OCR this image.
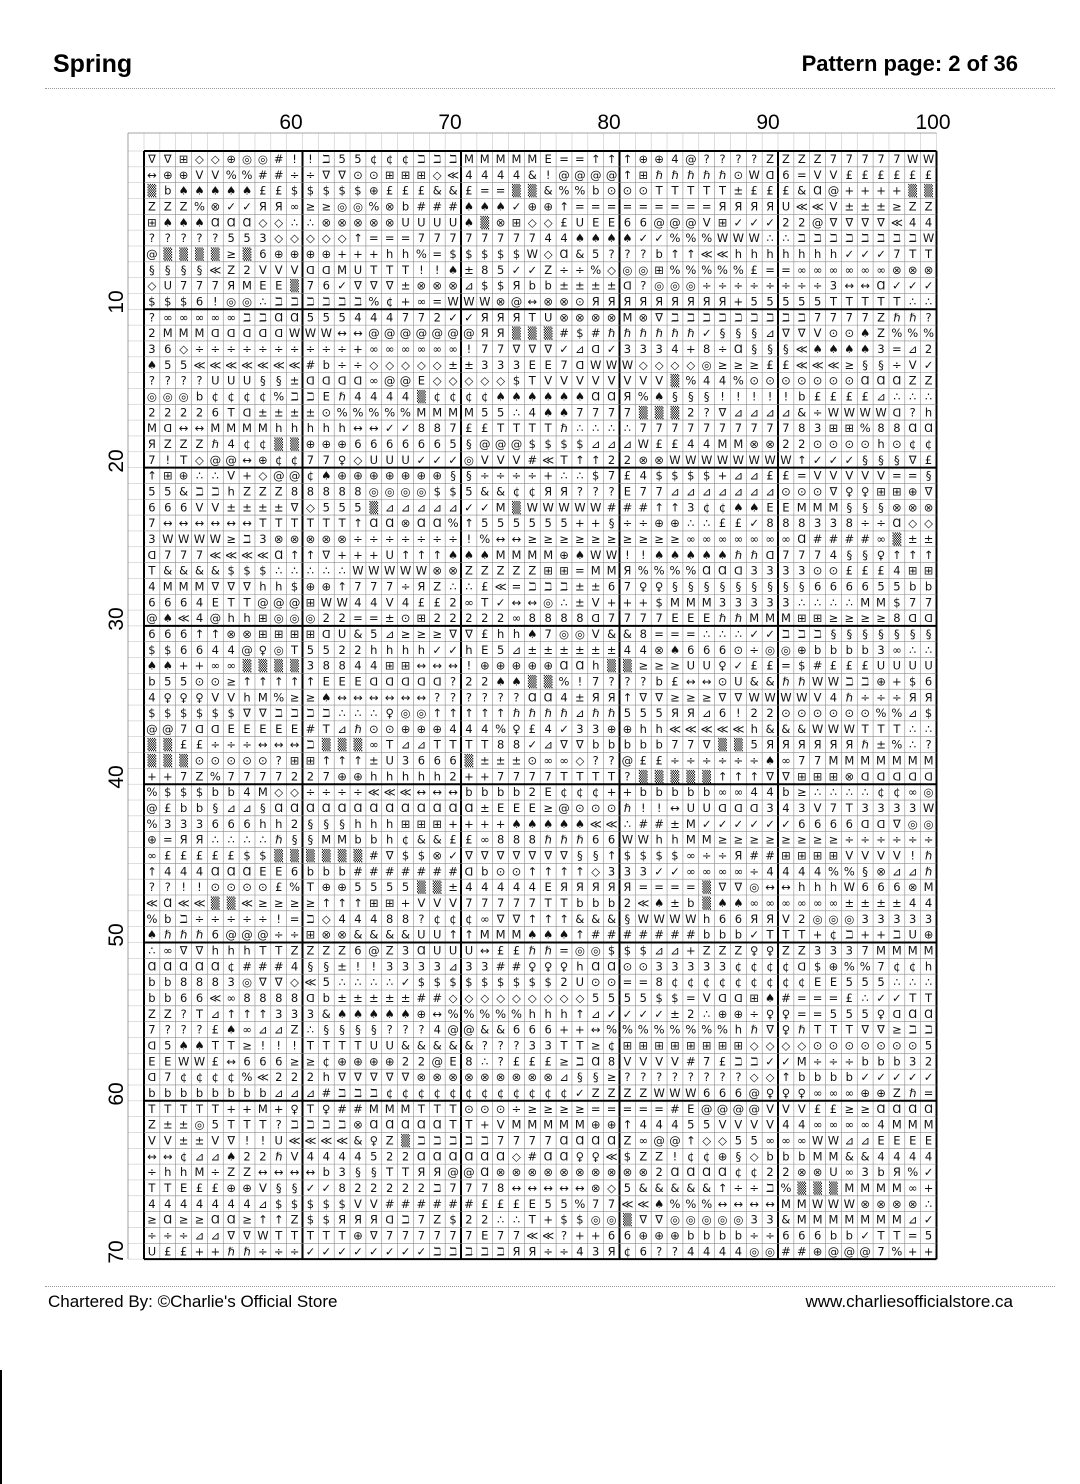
Spring	Pattern page: 2 of 36
60	70	80	90	100
10
20
30
40
50
60
70
∇ ∇ ⊞ ◇ ◇ ⊕ ◎ ◎ # ! ! ℶ 5 5 ¢ ¢ ¢ ℶ ℶ ℶ M M M M M E = = ↑ ↑ ↑ ⊕ ⊕ 4 @ ? ? ? ? Z Z Z Z 7 7 7 7 7 W W
↔ ⊕ ⊕ V V % % # # ÷ ÷ ∇ ∇ ⊙ ⊙ ⊞ ⊞ ⊞ ◇ ≪ 4 4 4 4 & ! @ @ @ @ ↑ ⊞ ℏ ℏ ℏ ℏ ℏ ⊙ W ᗡ 6 = V V £ £ £ £ £ £
▒ b ♠ ♠ ♠ ♠ ♠ £ £ $ $ $ $ $ ⊕ £ £ £ & & £ = = ▒ ▒ & % % b ⊙ ⊙ ⊙ T T T T T ± £ £ £ & Ɑ @ + + + + ▒ ▒
Z Z Z % ⊗ ✓ ✓ Я Я ∞ ≥ ≥ ◎ ◎ % ⊗ b # # # ♠ ♠ ♠ ✓ ⊕ ⊕ ↑ = = = = = = = = = Я Я Я Я U ≪ ≪ V ± ± ± ≥ Z Z
⊞ ♠ ♠ ♠ Ɑ Ɑ Ɑ ◇ ◇ ∴ ∴ ⊗ ⊗ ⊗ ⊗ ⊗ U U U U ♠ ▒ ⊗ ⊞ ◇ ◇ £ U E E 6 6 @ @ @ V ⊞ ✓ ✓ ✓ 2 2 @ ∇ ∇ ∇ ∇ ≪ 4 4
? ? ? ? ? 5 5 3 ◇ ◇ ◇ ◇ ◇ ↑ = = = 7 7 7 7 7 7 7 7 4 4 ♠ ♠ ♠ ♠ ✓ ✓ % % % W W W ∴ ∴ ℶ ℶ ℶ ℶ ℶ ℶ ℶ ℶ W
@ ▒ ▒ ▒ ▒ ≥ ▒ 6 ⊕ ⊕ ⊕ ⊕ + + + h h % = $ $ $ $ $ W ◇ Ɑ & 5 ? ? ? b ↑ ↑ ≪ ≪ h h h h h h h ✓ ✓ ✓ 7 T T
§ § § § ≪ Z 2 V V V ᗡ ᗡ M U T T T ! ! ♠ ± 8 5 ✓ ✓ Z ÷ ÷ % ◇ ◎ ◎ ⊞ % % % % % £ = = ∞ ∞ ∞ ∞ ∞ ∞ ⊗ ⊗ ⊗
◇ U 7 7 7 Я M E E ▒ 7 6 ✓ ∇ ∇ ∇ ± ⊗ ⊗ ⊗ ⊿ $ $ Я b b ± ± ± ± ᗡ ? ◎ ◎ ◎ ÷ ÷ ÷ ÷ ÷ ÷ ÷ ÷ 3 ↔ ↔ Ɑ ✓ ✓ ✓
$ $ $ 6 ! ◎ ◎ ∴ ℶ ℶ ℶ ℶ ℶ ℶ % ¢ + ∞ = W W W ⊗ @ ↔ ⊗ ⊗ ⊙ Я Я Я Я Я Я Я Я Я + 5 5 5 5 5 T T T T T ∴ ∴
? ∞ ∞ ∞ ∞ ∞ ℶ ℶ Ɑ Ɑ 5 5 5 4 4 4 7 7 2 ✓ ✓ Я Я Я T U ⊗ ⊗ ⊗ ⊗ M ⊗ ∇ ℶ ℶ ℶ ℶ ℶ ℶ ℶ ℶ ℶ 7 7 7 7 Z ℏ ℏ ?
2 M M M ᗡ ᗡ ᗡ ᗡ ᗡ W W W ↔ ↔ @ @ @ @ @ @ @ Я Я ▒ ▒ ▒ # $ # ℏ ℏ ℏ ℏ ℏ ℏ ✓ § § § ⊿ ∇ ∇ V ⊙ ⊙ ♠ Z % % %
3 6 ◇ ÷ ÷ ÷ ÷ ÷ ÷ ÷ ÷ ÷ ÷ + ∞ ∞ ∞ ∞ ∞ ∞ ! 7 7 ∇ ∇ ∇ ✓ ⊿ ᗡ ✓ 3 3 3 4 + 8 ÷ Ɑ § § § ≪ ♠ ♠ ♠ ♠ 3 = ⊿ 2
♠ 5 5 ≪ ≪ ≪ ≪ ≪ ≪ ≪ # b ÷ ÷ ◇ ◇ ◇ ◇ ◇ ± ± 3 3 3 E E 7 ᗡ W W W ◇ ◇ ◇ ◇ ◎ ≥ ≥ ≥ £ £ ≪ ≪ ≪ ≥ § § ÷ V ✓
? ? ? ? U U U § § ± ᗡ ᗡ ᗡ ᗡ ∞ @ @ E ◇ ◇ ◇ ◇ ◇ $ T V V V V V V V V ▒ % 4 4 % ⊙ ⊙ ⊙ ⊙ ⊙ ⊙ ⊙ Ɑ Ɑ Ɑ Z Z
◎ ◎ ◎ b ¢ ¢ ¢ ¢ % ℶ ℶ E ℏ 4 4 4 4 ▒ ¢ ¢ ¢ ¢ ♠ ♠ ♠ ♠ ♠ ♠ Ɑ Ɑ Я % ♠ § § § ! ! ! ! ! b £ £ £ £ ⊿ ∴ ∴ ∴
2 2 2 2 6 T ᗡ ± ± ± ± ⊙ % % % % % M M M M 5 5 ∴ 4 ♠ ♠ 7 7 7 7 ▒ ▒ ▒ 2 ? ∇ ⊿ ⊿ ⊿ ⊿ & ÷ W W W W ᗡ ? h
M ᗡ ↔ ↔ M M M M h h h h h ↔ ↔ ✓ ✓ 8 8 7 £ £ T T T T ℏ ∴ ∴ ∴ ∴ 7 7 7 7 7 7 7 7 7 7 8 3 ⊞ ⊞ % 8 8 Ɑ Ɑ
Я Z Z Z ℏ 4 ¢ ¢ ▒ ▒ ⊕ ⊕ ⊕ 6 6 6 6 6 6 5 § @ @ @ $ $ $ $ ⊿ ⊿ ⊿ W £ £ 4 4 M M ⊗ ⊗ 2 2 ⊙ ⊙ ⊙ ⊙ h ⊙ ¢ ¢
7 ! T ◇ @ @ ↔ ⊕ ¢ ¢ 7 7 ♀ ◇ U U U ✓ ✓ ✓ ◎ V V V # ≪ T ↑ ↑ 2 2 ⊗ ⊗ W W W W W W W W ↑ ✓ ✓ ✓ § § § ∇ £
↑ ⊞ ⊕ ∴ ∴ V + ◇ @ @ ¢ ♠ ⊕ ⊕ ⊕ ⊕ ⊕ ⊕ ⊕ § § ÷ ÷ ÷ ÷ + ∴ ∴ $ 7 £ 4 $ $ $ $ + ⊿ ⊿ £ £ = V V V V V = = §
5 5 & ℶ ℶ h Z Z Z 8 8 8 8 8 ◎ ◎ ◎ ◎ $ $ 5 & & ¢ ¢ Я Я ? ? ? E 7 7 ⊿ ⊿ ⊿ ⊿ ⊿ ⊿ ⊿ ⊙ ⊙ ⊙ ∇ ♀ ♀ ⊞ ⊞ ⊕ ∇
6 6 6 V V ± ± ± ± ∇ ◇ 5 5 5 ▒ ⊿ ⊿ ⊿ ⊿ ⊿ ✓ ✓ M ▒ W W W W W # # # ↑ ↑ 3 ¢ ¢ ♠ ♠ E E M M M § § § ⊗ ⊗ ⊗
7 ↔ ↔ ↔ ↔ ↔ ↔ T T T T T T ↑ Ɑ Ɑ ⊗ Ɑ Ɑ % ↑ 5 5 5 5 5 5 + + § ÷ ÷ ⊕ ⊕ ∴ ∴ £ £ ✓ 8 8 8 3 3 8 ÷ ÷ Ɑ ◇ ◇
3 W W W W ≥ ℶ 3 ⊗ ⊗ ⊗ ⊗ ⊗ ÷ ÷ ÷ ÷ ÷ ÷ ÷ ! % ↔ ↔ ≥ ≥ ≥ ≥ ≥ ≥ ≥ ≥ ≥ ≥ ∞ ∞ ∞ ∞ ∞ ∞ ∞ Ɑ # # # # ∞ ▒ ± ±
ᗡ 7 7 7 ≪ ≪ ≪ ≪ Ɑ ↑ ↑ ∇ + + + U ↑ ↑ ↑ ♠ ♠ ♠ M M M M ⊕ ♠ W W ! ! ♠ ♠ ♠ ♠ ♠ ℏ ℏ ᗡ 7 7 7 4 § § ♀ ↑ ↑ ↑
T & & & & $ $ $ ∴ ∴ ∴ ∴ ∴ W W W W W ⊗ ⊗ Z Z Z Z Z ⊞ ⊞ = M M Я % % % % Ɑ Ɑ ᗡ 3 3 3 3 ⊙ ⊙ £ £ £ 4 ⊞ ⊞
4 M M M ∇ ∇ ∇ h h $ ⊕ ⊕ ↑ 7 7 7 ÷ Я Z ∴ ∴ £ ≪ = ℶ ℶ ℶ ± ± 6 7 ♀ ♀ § § § § § § § § § 6 6 6 6 5 5 b b
6 6 6 4 E T T @ @ @ ⊞ W W 4 4 V 4 £ £ 2 ∞ T ✓ ↔ ↔ ◎ ∴ ± V + + + $ M M M 3 3 3 3 3 ∴ ∴ ∴ ∴ M M $ 7 7
@ ♠ ≪ 4 @ h h ⊞ ◎ ◎ ◎ 2 2 = = ± ⊙ ⊞ 2 2 2 2 2 ∞ 8 8 8 8 ᗡ 7 7 7 7 E E E ℏ ℏ M M M ⊞ ⊞ ≥ ≥ ≥ ≥ 8 ᗡ ᗡ
6 6 6 ↑ ↑ ⊗ ⊗ ⊞ ⊞ ⊞ ⊞ ᗡ U & 5 ⊿ ≥ ≥ ≥ ∇ ∇ £ h h ♠ 7 ◎ ◎ V & & 8 = = = ∴ ∴ ∴ ✓ ✓ ℶ ℶ ℶ § § § § § § §
$ $ 6 6 4 4 @ ♀ ◎ T 5 5 2 2 h h h h ✓ ✓ h E 5 ⊿ ± ± ± ± ± ± 4 4 ⊗ ♠ 6 6 6 ⊙ ÷ ◎ ◎ ⊕ b b b b 3 ∞ ∴ ∴
♠ ♠ + + ∞ ∞ ▒ ▒ ▒ ▒ 3 8 8 4 4 ⊞ ⊞ ↔ ↔ ↔ ! ⊕ ⊕ ⊕ ⊕ ⊕ Ɑ Ɑ h ▒ ▒ ≥ ≥ ≥ U U ♀ ✓ £ £ = $ # £ £ £ U U U U
b 5 5 ⊙ ⊙ ≥ ↑ ↑ ↑ ↑ ↑ E E E ᗡ ᗡ ᗡ ᗡ ᗡ ? 2 2 ♠ ♠ ▒ ▒ % ! 7 ? ? ? b £ ↔ ↔ ⊙ U & & ℏ ℏ W W ℶ ℶ ⊕ + $ 6
4 ♀ ♀ ♀ V V h M % ≥ ≥ ♠ ↔ ↔ ↔ ↔ ↔ ↔ ? ? ? ? ? ? Ɑ Ɑ 4 ± Я Я ↑ ∇ ∇ ≥ ≥ ≥ ∇ ∇ W W W W V 4 ℏ ÷ ÷ ÷ Я Я
$ $ $ $ $ $ ∇ ∇ ℶ ℶ ℶ ℶ ∴ ∴ ∴ ♀ ◎ ◎ ↑ ↑ ↑ ↑ ↑ ℏ ℏ ℏ ℏ ⊿ ℏ ℏ 5 5 5 Я Я ⊿ 6 ! 2 2 ⊙ ⊙ ⊙ ⊙ ⊙ ⊙ % % ⊿ $
@ @ 7 ᗡ ᗡ E E E E E # T ⊿ ℏ ⊙ ⊙ ⊕ ⊕ ⊕ 4 4 4 % ♀ £ 4 ✓ 3 3 ⊕ ⊕ h h ≪ ≪ ≪ ≪ ≪ h & & & W W W T T T ∴ ∴
▒ ▒ £ £ ÷ ÷ ÷ ↔ ↔ ↔ ℶ ▒ ▒ ▒ ∞ T ⊿ ⊿ T T T T 8 8 ✓ ⊿ ∇ ∇ b b b b b 7 7 ∇ ▒ ▒ 5 Я Я Я Я Я Я ℏ ± % ∴ ?
▒ ▒ ▒ ⊙ ⊙ ⊙ ⊙ ⊙ ? ⊞ ⊞ ↑ ↑ ↑ ± U 3 6 6 6 ▒ ± ± ± ⊙ ∞ ∞ ◇ ? ? @ £ £ ÷ ÷ ÷ ÷ ÷ ÷ ♠ ∞ 7 7 M M M M M M M
+ + 7 Z % 7 7 7 7 2 2 7 ⊕ ⊕ h h h h h 2 + + 7 7 7 7 T T T T ? ▒ ▒ ▒ ▒ ▒ ↑ ↑ ↑ ∇ ∇ ⊞ ⊞ ⊞ ⊗ ᗡ ᗡ ᗡ ᗡ ᗡ
% $ $ $ b b 4 M ◇ ◇ ÷ ÷ ÷ ÷ ≪ ≪ ≪ ↔ ↔ ↔ b b b b 2 E ¢ ¢ ¢ + + b b b b b ∞ ∞ 4 4 b ≥ ∴ ∴ ∴ ∴ ¢ ¢ ∞ ◎
@ £ b b § ⊿ ⊿ § Ɑ Ɑ Ɑ Ɑ Ɑ Ɑ Ɑ Ɑ Ɑ Ɑ Ɑ Ɑ Ɑ ± E E E ≥ @ ⊙ ⊙ ⊙ ℏ ! ! ↔ U U ᗡ ᗡ ᗡ 3 4 3 V 7 T 3 3 3 3 W
% 3 3 3 6 6 6 h h 2 § § § h h h ⊞ ⊞ ⊞ + + + + ♠ ♠ ♠ ♠ ♠ ≪ ≪ ∴ # # ± M ✓ ✓ ✓ ✓ ✓ ✓ 6 6 6 6 ᗡ ᗡ ∇ ◎ ◎
⊕ = Я Я ∴ ∴ ∴ ∴ ℏ § § M M b b h ¢ & & £ £ ∞ 8 8 8 ℏ ℏ ℏ 6 6 W W h h M M ≥ ≥ ≥ ≥ ≥ ≥ ≥ ≥ ÷ ÷ ÷ ÷ ÷ ÷
∞ £ £ £ £ £ $ $ ▒ ▒ ▒ ▒ ▒ ▒ # ∇ $ $ ⊗ ✓ ∇ ∇ ∇ ∇ ∇ ∇ ∇ § § ↑ $ $ $ $ ∞ ÷ ÷ Я # # ⊞ ⊞ ⊞ ⊞ V V V V ! ℏ
↑ 4 4 4 Ɑ Ɑ Ɑ E E 6 b b b # # # # # # # ᗡ b ⊙ ⊙ ↑ ↑ ↑ ↑ ◇ 3 3 3 ✓ ✓ ∞ ∞ ∞ ∞ ÷ 4 4 4 4 % % § ⊗ ⊿ ⊿ ℏ
? ? ! ! ⊙ ⊙ ⊙ ⊙ £ % T ⊕ ⊕ 5 5 5 5 ▒ ▒ ± 4 4 4 4 4 E Я Я Я Я Я = = = = ▒ ∇ ∇ ◎ ↔ ↔ h h h W 6 6 6 ⊗ M
≪ Ɑ ≪ ≪ ▒ ▒ ≪ ≥ ≥ ≥ ≥ ↑ ↑ ↑ ⊞ ⊞ + V V V 7 7 7 7 7 T T b b b 2 ≪ ♠ ± b ▒ ♠ ♠ ∞ ∞ ∞ ∞ ∞ ∞ ± ± ± ± 4 4
% b ℶ ÷ ÷ ÷ ÷ ÷ ! = ℶ ◇ 4 4 4 8 8 ? ¢ ¢ ¢ ∞ ∇ ∇ ↑ ↑ ↑ & & & § W W W W h 6 6 Я Я V 2 ◎ ◎ ◎ 3 3 3 3 3
♠ ℏ ℏ ℏ 6 @ @ @ ÷ ÷ ⊞ ⊗ ⊗ & & & & U U ↑ ↑ M M M ♠ ♠ ♠ ↑ # # # # # # # b b b ✓ T T T + ¢ ℶ + + ℶ U ⊕
∴ ∞ ∇ ∇ h h h T T Z Z Z Z 6 @ Z 3 Ɑ U U U ↔ £ £ ℏ ℏ = ◎ ◎ $ $ $ ⊿ ⊿ + Z Z Z ♀ ♀ Z Z 3 3 3 7 M M M M
Ɑ Ɑ Ɑ Ɑ Ɑ ¢ # # # 4 § § ± ! ! 3 3 3 3 ⊿ 3 3 # # ♀ ♀ ♀ h Ɑ Ɑ ⊙ ⊙ 3 3 3 3 3 ¢ ¢ ¢ ¢ ᗡ $ ⊕ % % 7 ¢ ¢ h
b b 8 8 8 3 ◎ ∇ ∇ ◇ ≪ 5 ∴ ∴ ∴ ∴ ✓ $ $ $ $ $ $ $ $ $ 2 U ⊙ ⊙ = = 8 ¢ ¢ ¢ ¢ ¢ ¢ ¢ ¢ ¢ E E 5 5 5 ∴ ∴ ∴
b b 6 6 ≪ ∞ 8 8 8 8 ᗡ b ± ± ± ± ± # # ◇ ◇ ◇ ◇ ◇ ◇ ◇ ◇ ◇ 5 5 5 5 $ $ = V ᗡ ᗡ ⊞ ♠ # = = = £ ∴ ✓ ✓ T T
Z Z ? T ⊿ ↑ ↑ ↑ 3 3 3 & ♠ ♠ ♠ ♠ ♠ ⊕ ↔ % % % % % h h h ↑ ⊿ ✓ ✓ ✓ ✓ ± 2 ∴ ⊕ ⊕ ÷ ♀ ♀ = = 5 5 5 ♀ ᗡ Ɑ Ɑ
7 ? ? ? £ ♠ ∞ ⊿ ⊿ Z ∴ § § § § ? ? ? 4 @ @ & & 6 6 6 + + ↔ % % % % % % % % h ℏ ∇ ♀ ℏ T T T ∇ ∇ ≥ ℶ ℶ
ᗡ 5 ♠ ♠ T T ≥ ! ! ! T T T T U U & & & & & ? ? ? 3 3 T T ≥ ¢ ⊞ ⊞ ⊞ ⊞ ⊞ ⊞ ⊞ ⊞ ◇ ◇ ◇ ◇ ⊙ ⊙ ⊙ ⊙ ⊙ ⊙ ⊙ 5
E E W W £ ↔ 6 6 6 ≥ ≥ ¢ ⊕ ⊕ ⊕ ⊕ 2 2 @ E 8 ∴ ? £ £ £ ≥ ℶ Ɑ 8 V V V V # 7 £ ℶ ℶ ✓ ✓ M ÷ ÷ ÷ b b b 3 2
ᗡ 7 ¢ ¢ ¢ ¢ % ≪ 2 2 2 h ∇ ∇ ∇ ∇ ∇ ⊗ ⊗ ⊗ ⊗ ⊗ ⊗ ⊗ ⊗ ⊗ ⊿ § § ≥ ? ? ? ? ? ? ? ? ◇ ◇ ↑ b b b b ✓ ✓ ✓ ✓ ✓
b b b b b b b b ⊿ ⊿ ⊿ # ℶ ℶ ℶ ¢ ¢ ¢ ¢ ¢ ¢ ¢ ¢ ¢ ¢ ¢ ¢ ✓ Z Z Z Z W W W 6 6 6 @ ♀ ♀ ♀ ∞ ∞ ∞ ⊕ ⊕ Z ℏ =
T T T T T + + M + ♀ T ♀ # # M M M T T T ⊙ ⊙ ⊙ ÷ ≥ ≥ ≥ ≥ = = = = = # E @ @ @ @ V V V £ £ ≥ ≥ Ɑ Ɑ Ɑ Ɑ
Z ± ± ◎ 5 T T T ? ℶ ℶ ℶ ℶ ⊗ Ɑ Ɑ Ɑ Ɑ Ɑ T T + V M M M M M ⊕ ⊕ ↑ 4 4 4 5 5 V V V V 4 4 ∞ ∞ ∞ ∞ 4 M M M
V V ± ± V ∇ ! ! U ≪ ≪ ≪ ≪ & ♀ Z ▒ ℶ ℶ ℶ ℶ ℶ 7 7 7 7 Ɑ Ɑ Ɑ Ɑ Z ∞ @ @ ↑ ◇ ◇ 5 5 ∞ ∞ ∞ W W ⊿ ⊿ E E E E
↔ ↔ ¢ ⊿ ⊿ ♠ 2 2 ℏ V 4 4 4 4 5 2 2 Ɑ Ɑ Ɑ Ɑ Ɑ Ɑ ◇ # Ɑ Ɑ ♀ ♀ ≪ $ Z Z ! ¢ ¢ ⊕ § ◇ b b b M M & & 4 4 4 4
÷ h h M ÷ Z Z ↔ ↔ ↔ ↔ b 3 § § T T Я Я @ @ Ɑ ⊗ ⊗ ⊗ ⊗ ⊗ ⊗ ⊗ ⊗ ⊗ ⊗ 2 Ɑ Ɑ Ɑ Ɑ ¢ ¢ 2 2 ⊗ ⊗ U ∞ 3 b Я % ✓
T T E £ £ ⊕ ⊕ V § § ✓ ✓ 8 2 2 2 2 2 ℶ 7 7 7 8 ↔ ↔ ↔ ↔ ↔ ⊗ ◇ 5 & & & & & ↑ ÷ ÷ ℶ % ▒ ▒ ▒ M M M M ∞ +
4 4 4 4 4 4 4 ⊿ $ $ $ $ $ V V # # # # # # £ £ £ E 5 5 % 7 7 ≪ ≪ ♠ % % % ↔ ↔ ↔ ↔ M M W W W ⊗ ⊗ ⊗ ⊗ ∴
≥ Ɑ ≥ ≥ Ɑ Ɑ ≥ ↑ ↑ Z $ $ Я Я Я ᗡ ℶ 7 Z $ 2 2 ∴ ∴ T + $ $ ◎ ◎ ▒ ∇ ∇ ◎ ◎ ◎ ◎ ◎ 3 3 & M M M M M M M ⊿ ✓
÷ ÷ ÷ ⊿ ⊿ ∇ ∇ W T T T T T ⊕ ∇ 7 7 7 7 7 7 E 7 7 ≪ ≪ ? + + 6 6 ⊕ ⊕ ⊕ b b b b ÷ ÷ 6 6 6 b b ✓ T T = 5
U £ £ + + ℏ ℏ ÷ ÷ ÷ ✓ ✓ ✓ ✓ ✓ ✓ ✓ ✓ ℶ ℶ ℶ ℶ ℶ Я Я ÷ ÷ 4 3 Я ¢ 6 ? ? 4 4 4 4 ◎ ◎ # # ⊕ @ @ @ 7 % + +
Chartered By: ©Charlie's Official Store	www.charliesofficialstore.ca
